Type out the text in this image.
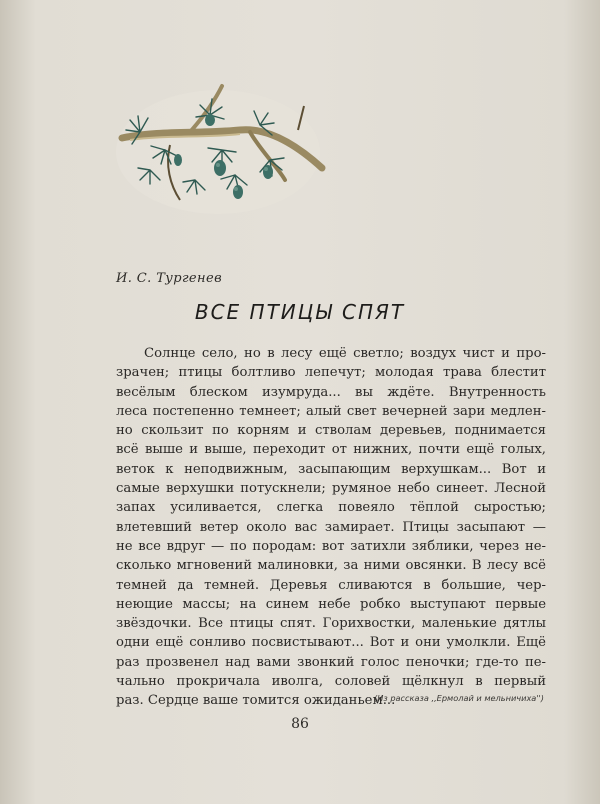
И. С. Тургенев
ВСЕ ПТИЦЫ СПЯТ
Солнце село, но в лесу ещё светло; воздух чист и про-
зрачен; птицы болтливо лепечут; молодая трава блестит
весёлым блеском изумруда... вы ждёте. Внутренность
леса постепенно темнеет; алый свет вечерней зари медлен-
но скользит по корням и стволам деревьев, поднимается
всё выше и выше, переходит от нижних, почти ещё голых,
веток к неподвижным, засыпающим верхушкам... Вот и
самые верхушки потускнели; румяное небо синеет. Лесной
запах усиливается, слегка повеяло тёплой сыростью;
влетевший ветер около вас замирает. Птицы засыпают —
не все вдруг — по породам: вот затихли зяблики, через не-
сколько мгновений малиновки, за ними овсянки. В лесу всё
темней да темней. Деревья сливаются в большие, чер-
неющие массы; на синем небе робко выступают первые
звёздочки. Все птицы спят. Горихвостки, маленькие дятлы
одни ещё сонливо посвистывают... Вот и они умолкли. Ещё
раз прозвенел над вами звонкий голос пеночки; где-то пе-
чально прокричала иволга, соловей щёлкнул в первый
раз. Сердце ваше томится ожиданьем...
(Из рассказа ,,Ермолай и мельничиха'')
86
